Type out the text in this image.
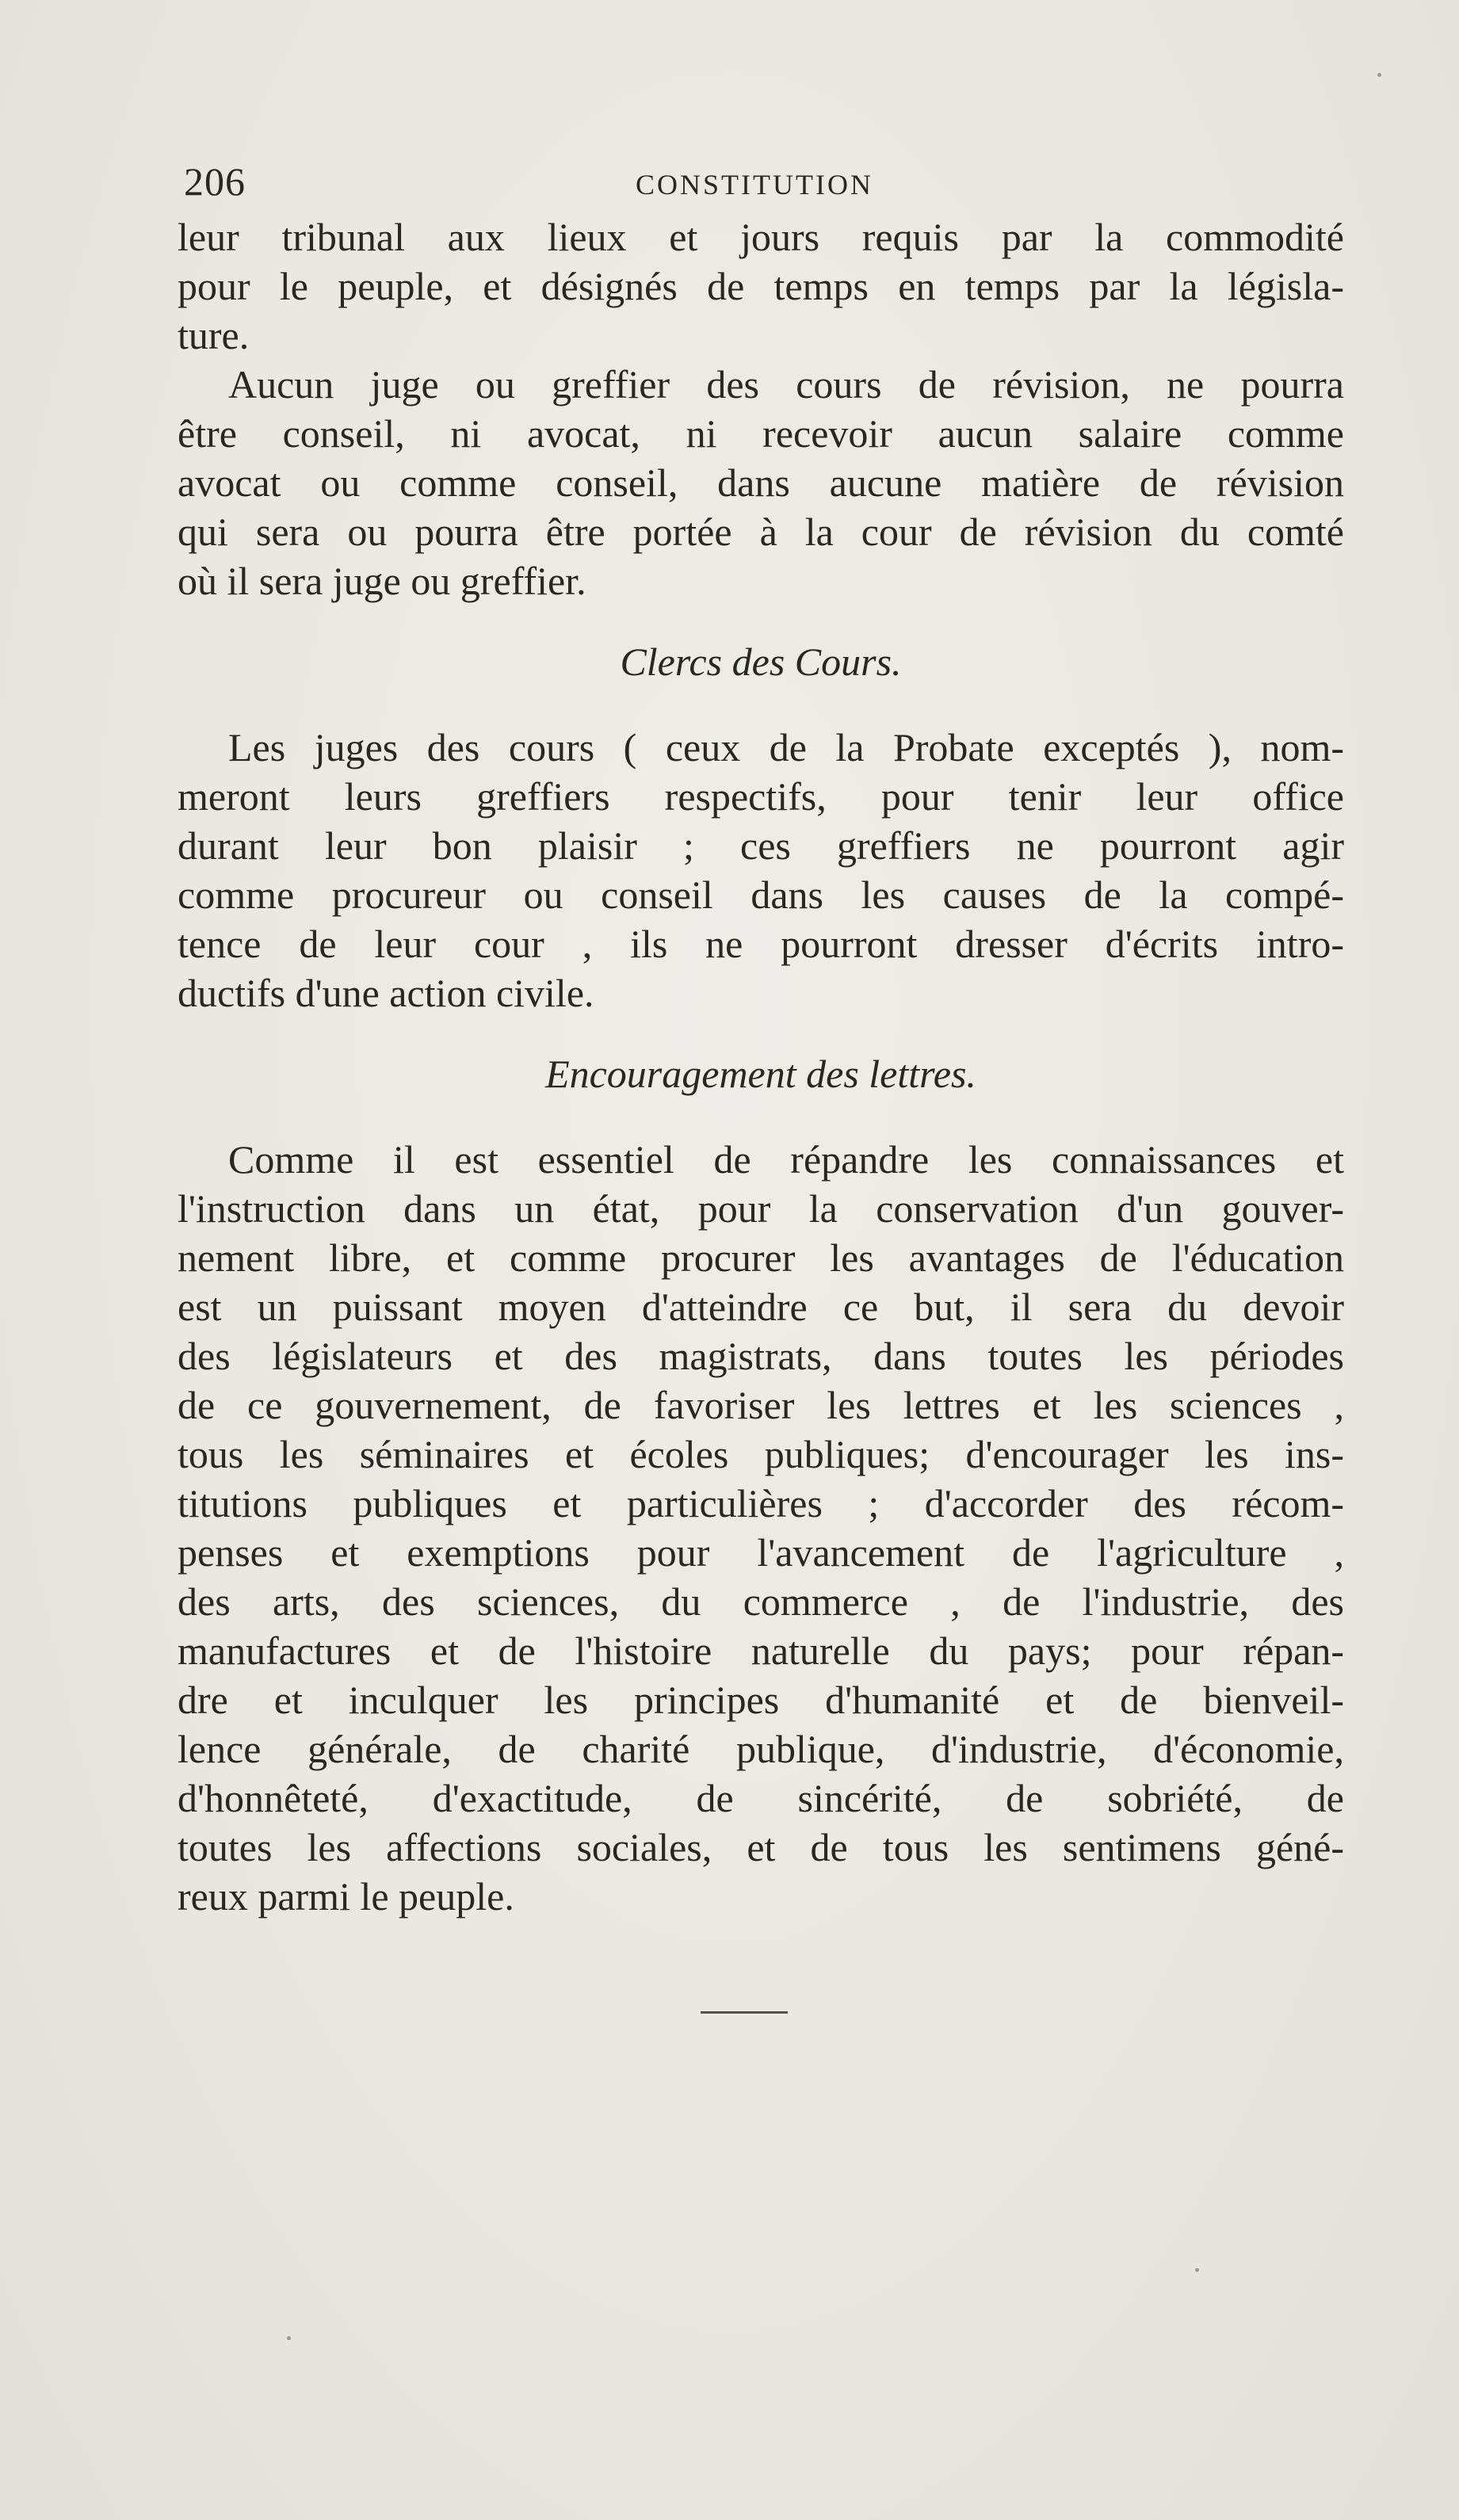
206	CONSTITUTION
leur tribunal aux lieux et jours requis par la commodité
pour le peuple, et désignés de temps en temps par la législa-
ture.
Aucun juge ou greffier des cours de révision, ne pourra
être conseil, ni avocat, ni recevoir aucun salaire comme
avocat ou comme conseil, dans aucune matière de révision
qui sera ou pourra être portée à la cour de révision du comté
où il sera juge ou greffier.
Clercs des Cours.
Les juges des cours ( ceux de la Probate exceptés ), nom-
meront leurs greffiers respectifs, pour tenir leur office
durant leur bon plaisir ; ces greffiers ne pourront agir
comme procureur ou conseil dans les causes de la compé-
tence de leur cour , ils ne pourront dresser d'écrits intro-
ductifs d'une action civile.
Encouragement des lettres.
Comme il est essentiel de répandre les connaissances et
l'instruction dans un état, pour la conservation d'un gouver-
nement libre, et comme procurer les avantages de l'éducation
est un puissant moyen d'atteindre ce but, il sera du devoir
des législateurs et des magistrats, dans toutes les périodes
de ce gouvernement, de favoriser les lettres et les sciences ,
tous les séminaires et écoles publiques; d'encourager les ins-
titutions publiques et particulières ; d'accorder des récom-
penses et exemptions pour l'avancement de l'agriculture ,
des arts, des sciences, du commerce , de l'industrie, des
manufactures et de l'histoire naturelle du pays; pour répan-
dre et inculquer les principes d'humanité et de bienveil-
lence générale, de charité publique, d'industrie, d'économie,
d'honnêteté, d'exactitude, de sincérité, de sobriété, de
toutes les affections sociales, et de tous les sentimens géné-
reux parmi le peuple.
